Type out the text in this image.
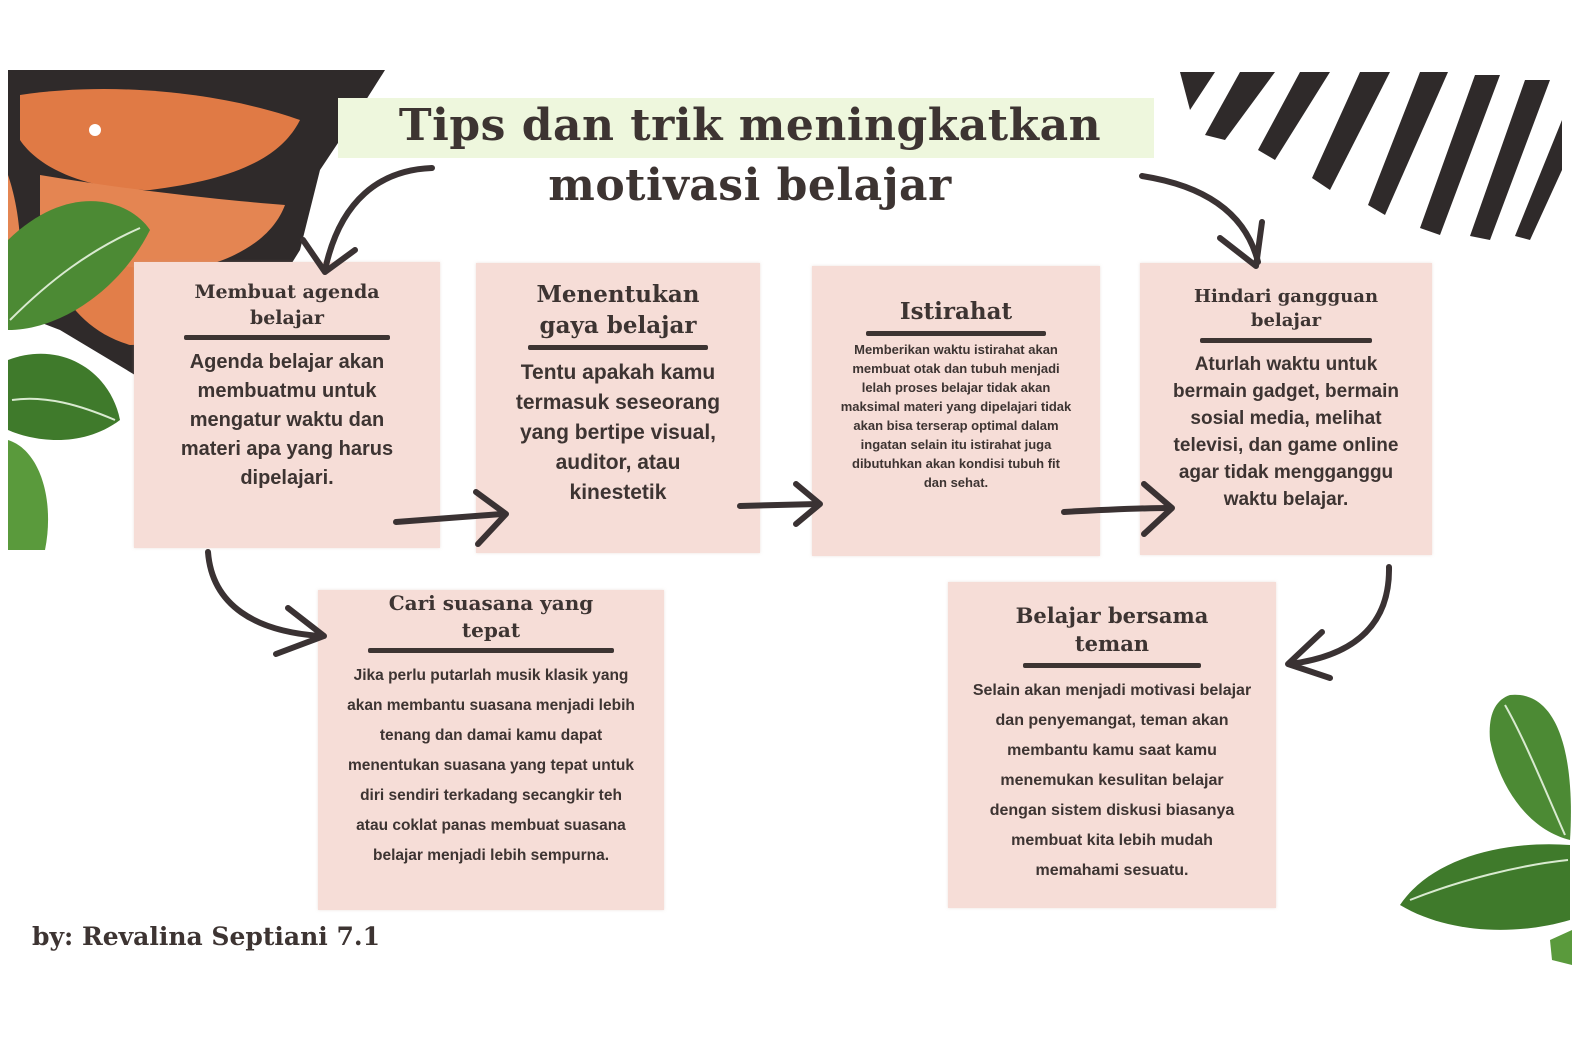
Tips dan trik meningkatkan
motivasi belajar
Membuat agenda belajar

Agenda belajar akan membuatmu untuk mengatur waktu dan materi apa yang harus dipelajari.

Menentukan gaya belajar

Tentu apakah kamu termasuk seseorang yang bertipe visual, auditor, atau kinestetik

Istirahat

Memberikan waktu istirahat akan membuat otak dan tubuh menjadi lelah proses belajar tidak akan maksimal materi yang dipelajari tidak akan bisa terserap optimal dalam ingatan selain itu istirahat juga dibutuhkan akan kondisi tubuh fit dan sehat.

Hindari gangguan belajar

Aturlah waktu untuk bermain gadget, bermain sosial media, melihat televisi, dan game online agar tidak mengganggu waktu belajar.

Cari suasana yang tepat

Jika perlu putarlah musik klasik yang akan membantu suasana menjadi lebih tenang dan damai kamu dapat menentukan suasana yang tepat untuk diri sendiri terkadang secangkir teh atau coklat panas membuat suasana belajar menjadi lebih sempurna.

Belajar bersama teman

Selain akan menjadi motivasi belajar dan penyemangat, teman akan membantu kamu saat kamu menemukan kesulitan belajar dengan sistem diskusi biasanya membuat kita lebih mudah memahami sesuatu.

by: Revalina Septiani 7.1
